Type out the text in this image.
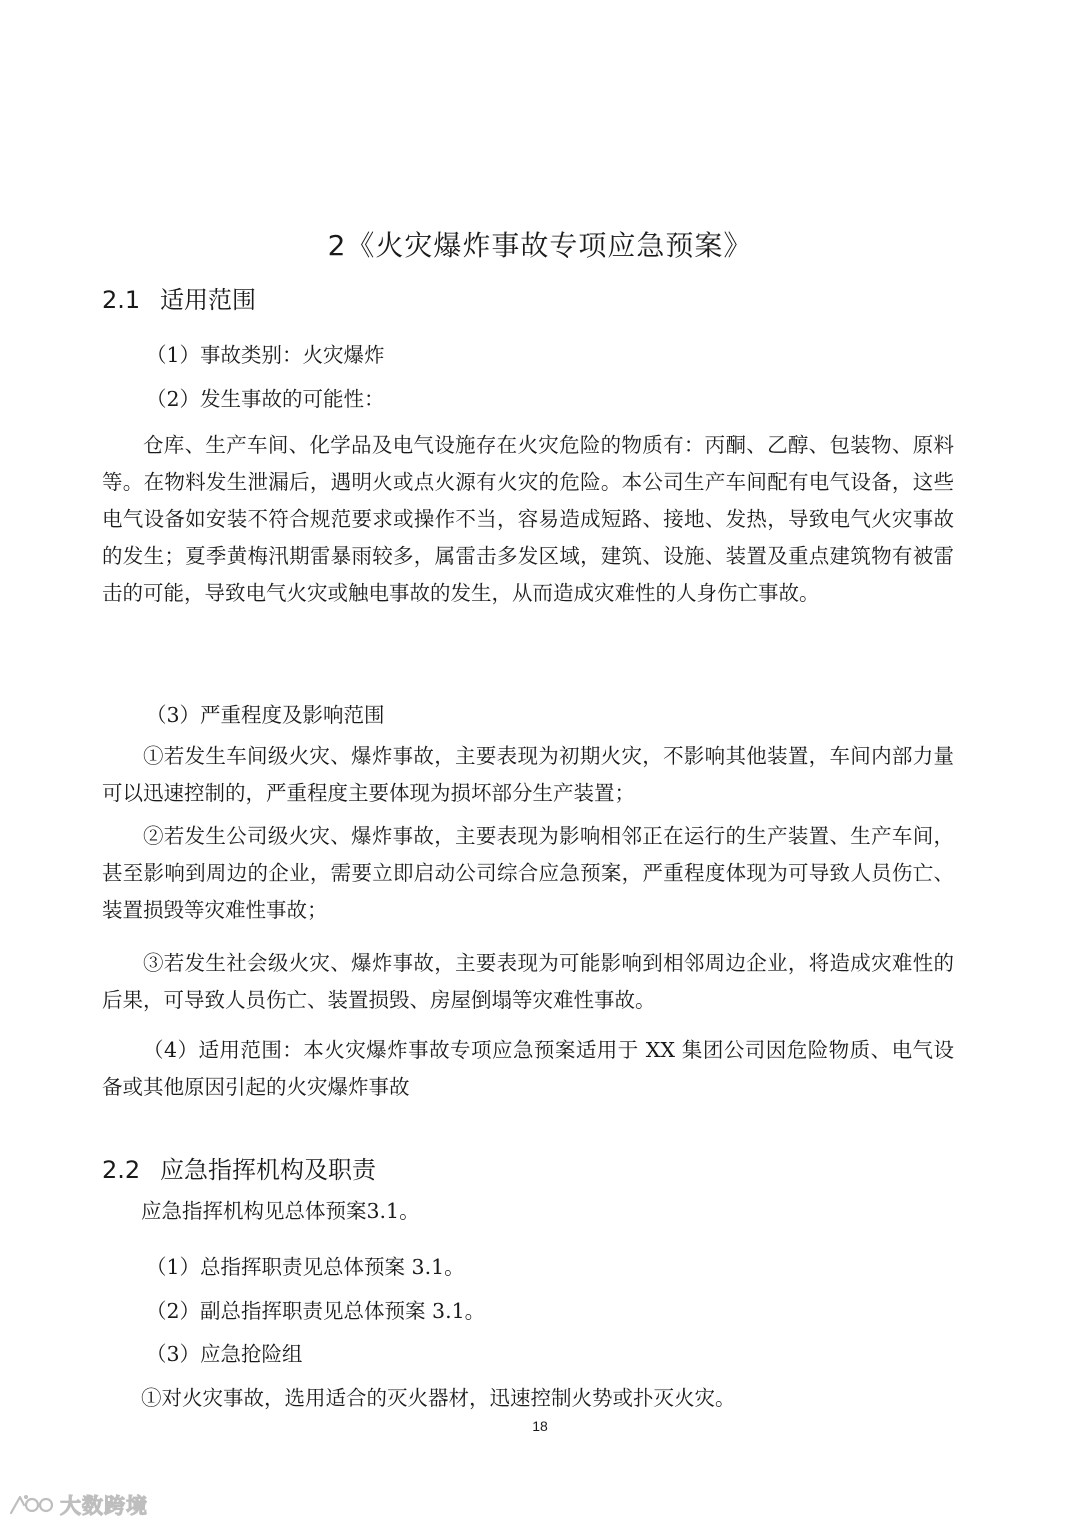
2《火灾爆炸事故专项应急预案》
2.1 适用范围

（1）事故类别：火灾爆炸

（2）发生事故的可能性：

仓库、生产车间、化学品及电气设施存在火灾危险的物质有：丙酮、乙醇、包装物、原料等。在物料发生泄漏后，遇明火或点火源有火灾的危险。本公司生产车间配有电气设备，这些电气设备如安装不符合规范要求或操作不当，容易造成短路、接地、发热，导致电气火灾事故的发生；夏季黄梅汛期雷暴雨较多，属雷击多发区域，建筑、设施、装置及重点建筑物有被雷击的可能，导致电气火灾或触电事故的发生，从而造成灾难性的人身伤亡事故。

（3）严重程度及影响范围

①若发生车间级火灾、爆炸事故，主要表现为初期火灾，不影响其他装置，车间内部力量可以迅速控制的，严重程度主要体现为损坏部分生产装置；

②若发生公司级火灾、爆炸事故，主要表现为影响相邻正在运行的生产装置、生产车间，甚至影响到周边的企业，需要立即启动公司综合应急预案，严重程度体现为可导致人员伤亡、装置损毁等灾难性事故；

③若发生社会级火灾、爆炸事故，主要表现为可能影响到相邻周边企业，将造成灾难性的后果，可导致人员伤亡、装置损毁、房屋倒塌等灾难性事故。

（4）适用范围：本火灾爆炸事故专项应急预案适用于 XX 集团公司因危险物质、电气设备或其他原因引起的火灾爆炸事故

2.2 应急指挥机构及职责

应急指挥机构见总体预案3.1。

（1）总指挥职责见总体预案 3.1。

（2）副总指挥职责见总体预案 3.1。

（3）应急抢险组

①对火灾事故，选用适合的灭火器材，迅速控制火势或扑灭火灾。

18

大数跨境
